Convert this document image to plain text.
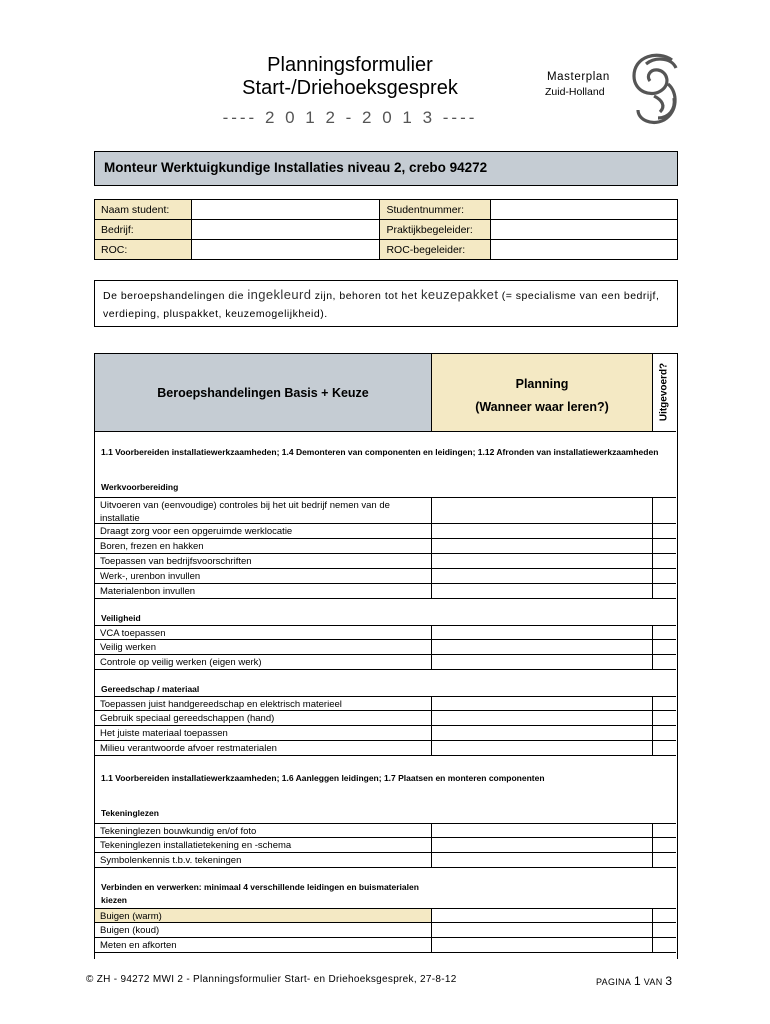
Planningsformulier
Start-/Driehoeksgesprek
---- 2 0 1 2 - 2 0 1 3 ----
Masterplan
Zuid-Holland
Monteur Werktuigkundige Installaties niveau 2, crebo 94272
Naam student:		Studentnummer:	
Bedrijf:		Praktijkbegeleider:	
ROC:		ROC-begeleider:	
De beroepshandelingen die ingekleurd zijn, behoren tot het keuzepakket (= specialisme van een bedrijf, verdieping, pluspakket, keuzemogelijkheid).
Beroepshandelingen Basis + Keuze
Planning
(Wanneer waar leren?)	Uitgevoerd?
1.1 Voorbereiden installatiewerkzaamheden; 1.4 Demonteren van componenten en leidingen; 1.12 Afronden van installatiewerkzaamheden
Werkvoorbereiding
Uitvoeren van (eenvoudige) controles bij het uit bedrijf nemen van de installatie
Draagt zorg voor een opgeruimde werklocatie
Boren, frezen en hakken
Toepassen van bedrijfsvoorschriften
Werk-, urenbon invullen
Materialenbon invullen
Veiligheid
VCA toepassen
Veilig werken
Controle op veilig werken (eigen werk)
Gereedschap / materiaal
Toepassen juist handgereedschap en elektrisch materieel
Gebruik speciaal gereedschappen (hand)
Het juiste materiaal toepassen
Milieu verantwoorde afvoer restmaterialen
1.1 Voorbereiden installatiewerkzaamheden; 1.6 Aanleggen leidingen; 1.7 Plaatsen en monteren componenten
Tekeninglezen
Tekeninglezen bouwkundig en/of foto
Tekeninglezen installatietekening en -schema
Symbolenkennis t.b.v. tekeningen
Verbinden en verwerken: minimaal 4 verschillende leidingen en buismaterialen kiezen
Buigen (warm)
Buigen (koud)
Meten en afkorten
© ZH - 94272 MWI 2 - Planningsformulier Start- en Driehoeksgesprek, 27-8-12	PAGINA 1 VAN 3
